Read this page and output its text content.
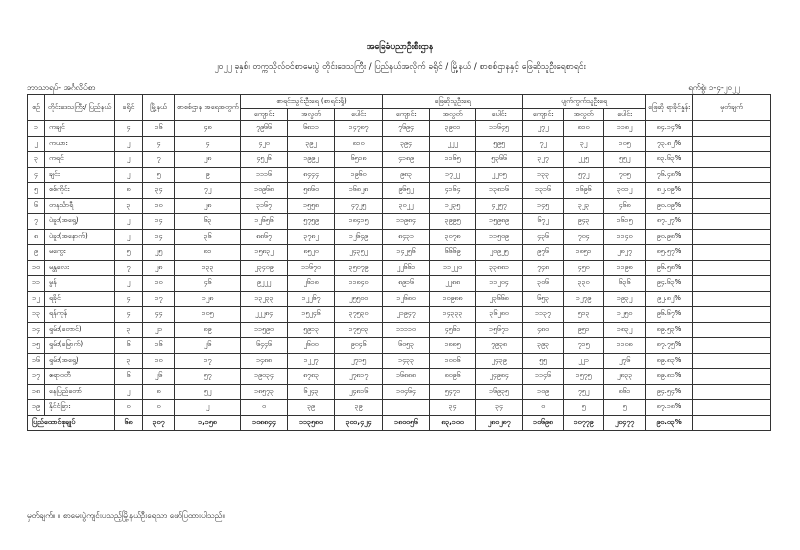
အခြေခံပညာဦးစီးဌာန
၂၀၂၂ ခုနှစ်၊ တက္ကသိုလ်ဝင်စာမေးပွဲ တိုင်းဒေသကြီး / ပြည်နယ်အလိုက် ခရိုင် / မြို့နယ် / စာစစ်ဌာနနှင့် ဖြေဆိုသူဦးရေစာရင်း
ဘာသာရပ်- အင်္ဂလိပ်စာ	ရက်စွဲ၊ ၁-၄-၂၀၂၂
စဉ်	တိုင်းဒေသကြီး/ ပြည်နယ်	ခရိုင်	မြို့နယ်	စာစစ်ဌာန အရေအတွက်	စာရင်းသွင်းဦးရေ (စာရင်းရှိ)			ဖြေဆိုသူဦးရေ			ပျက်ကွက်သူဦးရေ			ဖြေဆို ရာခိုင်နှုန်း	မှတ်ချက်
					ကျောင်း	အလွတ်	ပေါင်း	ကျောင်း	အလွတ်	ပေါင်း	ကျောင်း	အလွတ်	ပေါင်း		
၁	ကချင်	၄	၁၆	၄၈	၇၉၆၆	၆၈၁၁	၁၄၇၈၇	၇၆၉၄	၃၉၀၁	၁၁၆၄၅	၂၇၂	၈၁၀	၁၁၈၂	၈၄.၁၄%	
၂	ကယား	၂	၄	၄	၄၂၀	၃၉၂	၈၁၀	၃၉၄	၂၂၂	၅၉၅	၇၂	၃၂	၁၀၅	၇၃.၈၂%	
၃	ကရင်	၂	၇	၂၈	၄၅၂၆	၁၉၉၂	၆၅၁၈	၄၁၈၉	၁၁၆၅	၅၃၆၆	၃၂၇	၂၂၅	၅၅၂	၈၃.၆၃%	
၄	ချင်း	၂	၅	၉	၁၁၁၆	၈၄၄၄	၁၉၆၀	၉၈၃	၁၇၂၂	၂၂၀၅	၁၃၃	၅၇၂	၇၀၅	၇၆.၄၈%	
၅	စစ်ကိုင်း	၈	၃၄	၇၂	၁၀၉၆၈	၅၈၆၀	၁၆၈၂၈	၉၆၅၂	၄၁၆၄	၁၃၈၁၆	၁၃၁၆	၁၆၉၆	၃၀၁၂	၈၂.၀၉%	
၆	တနင်္သာရီ	၃	၁၀	၂၈	၃၁၆၇	၁၅၅၈	၄၇၂၅	၃၀၂၂	၁၂၃၅	၄၂၅၇	၁၄၅	၃၂၃	၄၆၈	၉၀.၀၉%	
၇	ပဲခူး(အရှေ့)	၂	၁၄	၆၃	၁၂၆၅၆	၅၇၅၉	၁၈၄၁၅	၁၁၉၈၄	၃၉၉၅	၁၅၉၈၉	၆၇၂	၉၄၃	၁၆၁၅	၈၇.၂၇%	
၈	ပဲခူး(အနောက်)	၂	၁၄	၃၆	၈၈၆၇	၃၇၈၂	၁၂၆၄၉	၈၄၃၁	၃၀၇၈	၁၁၅၀၉	၄၃၆	၇၀၄	၁၁၄၀	၉၀.၉၈%	
၉	မကွေး	၅	၂၅	၈၁	၁၅၈၃၂	၈၅၂၀	၂၄၃၅၂	၁၄၂၅၆	၆၆၆၉	၂၀၉၂၅	၉၇၆	၁၈၅၁	၂၈၂၇	၈၅.၅၇%	
၁၀	မန္တလေး	၇	၂၈	၁၃၃	၂၃၄၀၉	၁၁၆၇၀	၃၅၀၇၉	၂၂၆၆၁	၁၁၂၂၀	၃၃၈၈၁	၇၄၈	၄၅၀	၁၁၉၈	၉၆.၅၈%	
၁၁	မွန်	၂	၁၀	၄၆	၉၂၂၂	၂၆၁၈	၁၁၈၄၀	၈၉၁၆	၂၂၈၈	၁၁၂၀၄	၃၀၆	၃၃၀	၆၃၆	၉၄.၆၃%	
၁၂	ရခိုင်	၄	၁၇	၁၂၈	၁၃၂၃၃	၁၂၂၆၇	၂၅၅၀၀	၁၂၆၈၀	၁၀၉၈၈	၂၃၆၆၈	၆၅၃	၁၂၇၉	၁၉၃၂	၉၂.၈၂%	
၁၃	ရန်ကုန်	၄	၄၄	၁၀၅	၂၂၂၈၄	၁၅၂၄၆	၃၇၅၃၀	၂၁၉၄၇	၁၄၃၃၃	၃၆၂၈၀	၁၁၃၇	၅၁၃	၁၂၅၀	၉၆.၆၇%	
၁၄	ရှမ်း(တောင်)	၃	၂၁	၈၉	၁၁၅၉၀	၅၉၁၃	၁၇၅၀၃	၁၁၁၁၀	၄၅၆၁	၁၅၆၇၁	၄၈၀	၉၅၁	၁၈၃၂	၈၉.၅၃%	
၁၅	ရှမ်း(မြောက်)	၆	၁၆	၂၆	၆၄၄၆	၂၆၀၀	၉၀၄၆	၆၀၅၃	၁၈၈၅	၇၉၃၈	၃၉၃	၇၁၅	၁၁၀၈	၈၇.၇၅%	
၁၆	ရှမ်း(အရှေ့)	၃	၁၀	၁၇	၁၄၈၈	၁၂၂၇	၂၇၁၅	၁၄၃၃	၁၀၀၆	၂၄၃၉	၅၅	၂၂၁	၂၇၆	၈၉.၈၃%	
၁၇	ဧရာဝတီ	၆	၂၆	၅၇	၁၉၀၃၄	၈၇၈၃	၂၇၈၁၇	၁၆၈၈၈	၈၀၉၆	၂၄၉၈၄	၁၁၄၆	၁၅၇၅	၂၈၃၃	၈၉.၈၁%	
၁၈	နေပြည်တော်	၂	၈	၅၂	၁၈၅၇၃	၆၂၄၃	၂၄၈၁၆	၁၀၄၆၄	၅၄၇၁	၁၆၉၃၅	၁၀၉	၇၅၂	၈၆၁	၉၄.၅၄%	
၁၉	နိုင်ငံခြား	၀	၀	၂	၀	၃၉	၃၉		၃၄	၃၄	၀	၅	၅	၈၇.၁၈%	
ပြည်ထောင်စုချုပ်		၆၈	၃၀၇	၁,၁၅၈	၁၀၈၈၄၄	၁၁၃၅၈၀	၃၀၁,၄၂၄	၁၈၀၀၅၆	၈၃,၁၀၀	၂၈၀၂၈၇	၁၀၆၉၈	၁၀၇၇၉	၂၀၄၇၇	၉၀.၀၃%	
မှတ်ချက်။ ။ စာမေးပွဲကျင်းပသည့်မြို့နယ်ဦးရေသာ ဖော်ပြထားပါသည်။
